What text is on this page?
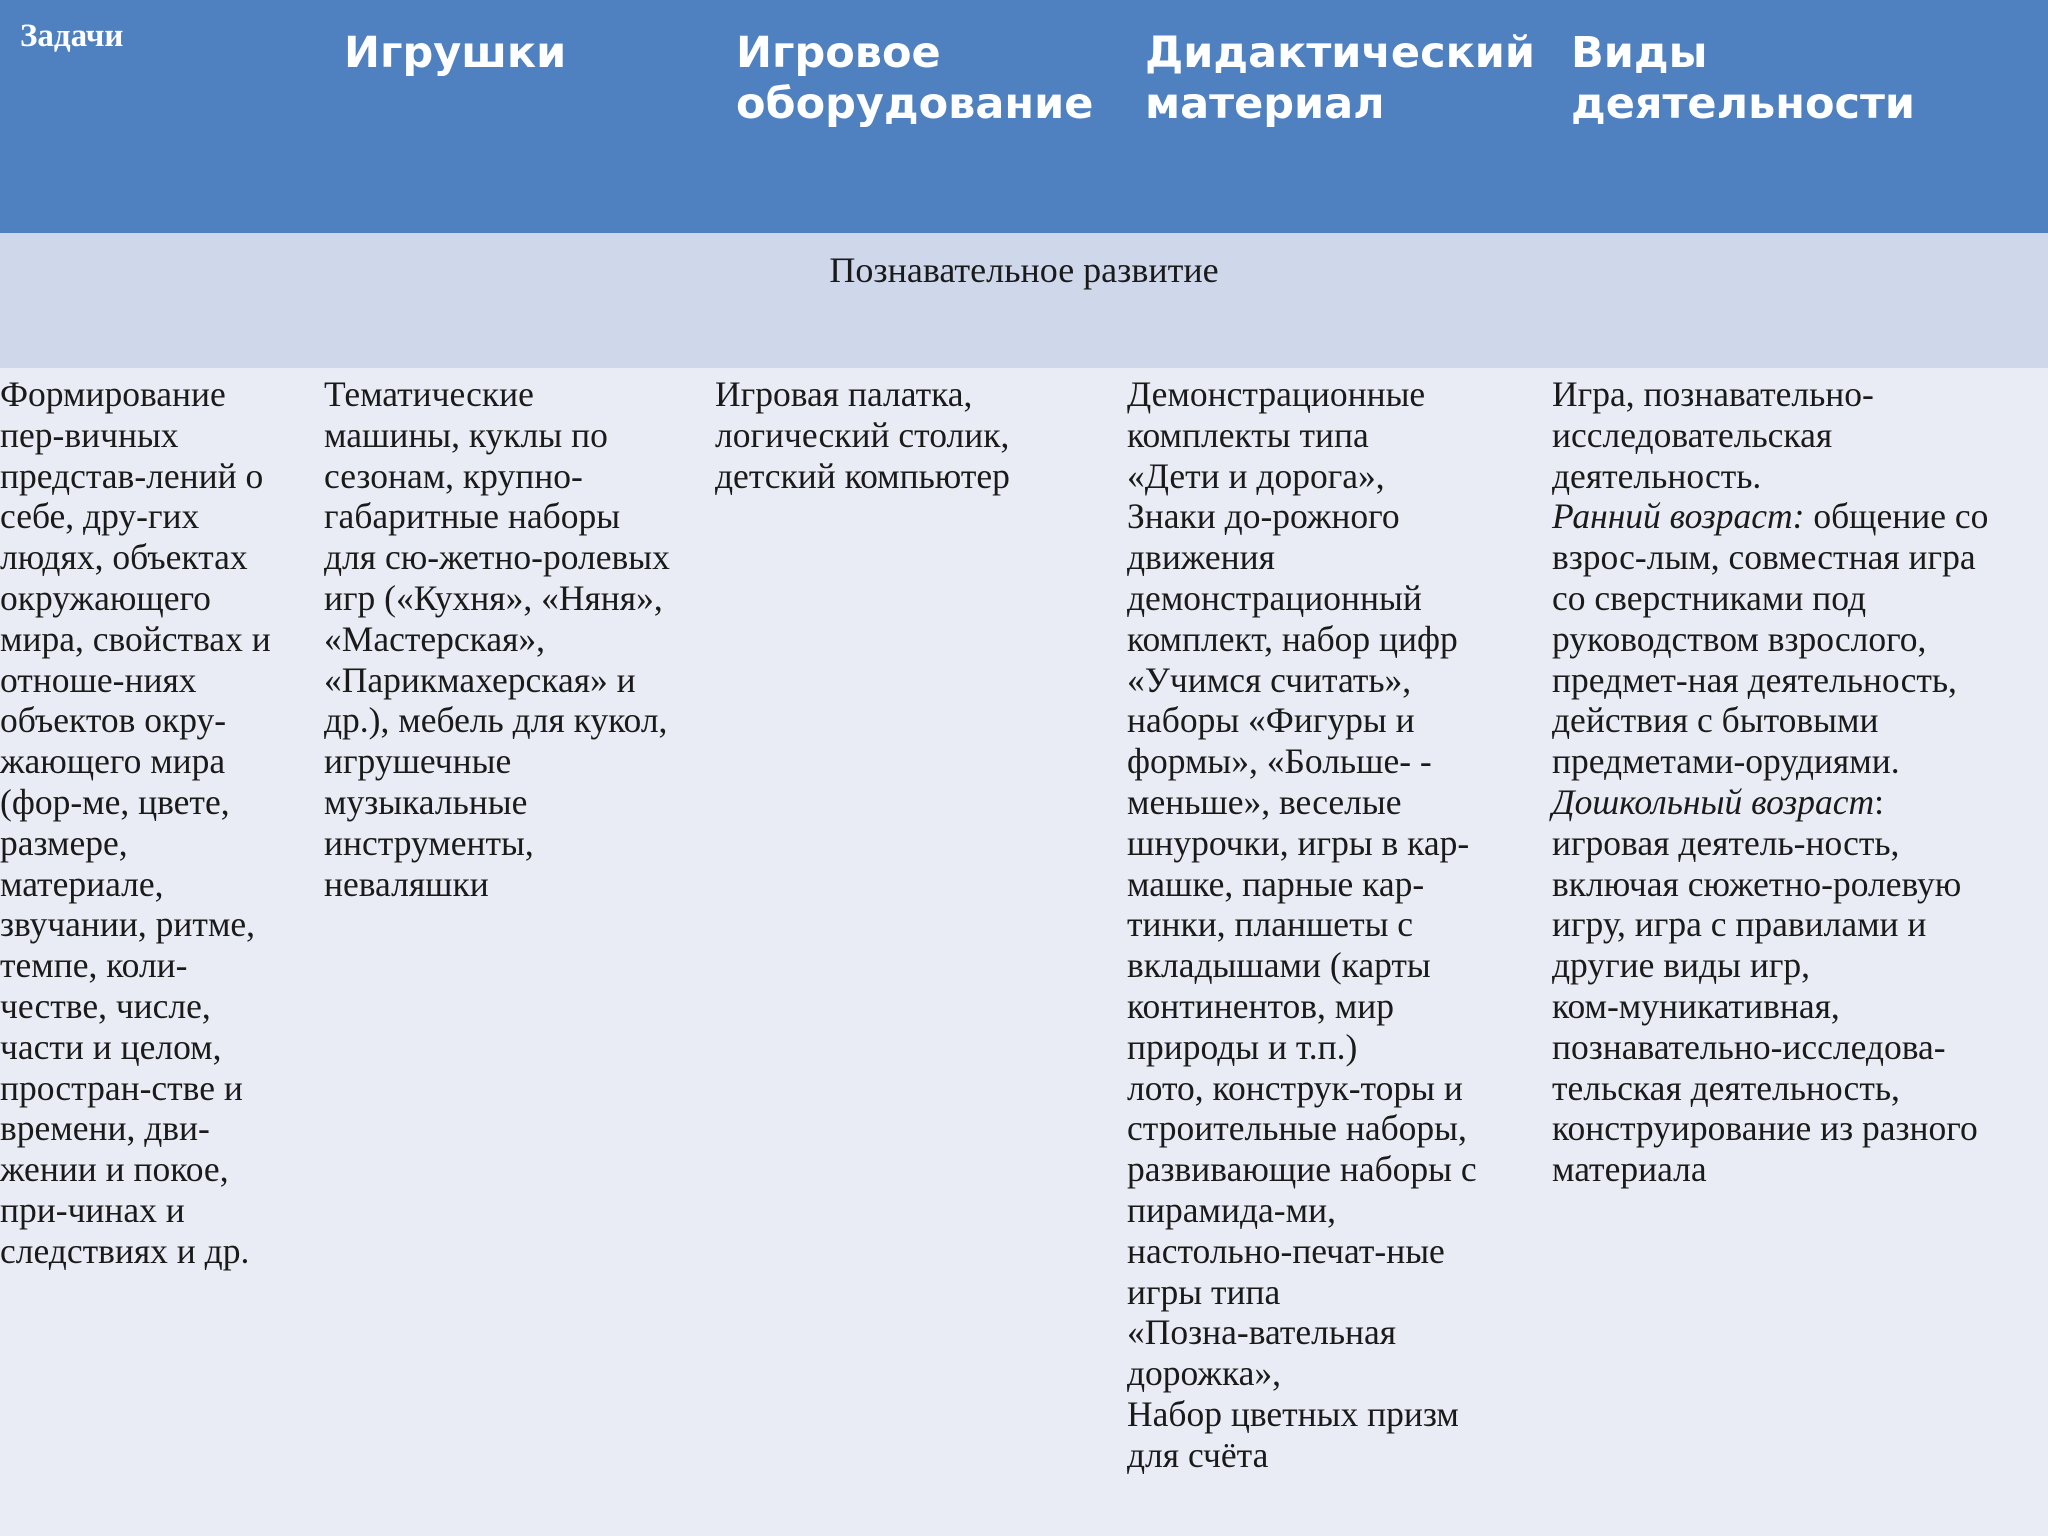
Задачи	Игрушки	Игровое
оборудование
Дидактический
материал
Виды деятельности
Познавательное развитие
Формирование
пер-вичных
представ-лений о
себе, дру-гих
людях, объектах
окружающего
мира, свойствах и
отноше-ниях
объектов окру-
жающего мира
(фор-ме, цвете,
размере,
материале,
звучании, ритме,
темпе, коли-
честве, числе,
части и целом,
простран-стве и
времени, дви-
жении и покое,
при-чинах и
следствиях и др.
Тематические
машины, куклы по
сезонам, крупно-
габаритные наборы
для сю-жетно-ролевых
игр («Кухня», «Няня»,
«Мастерская»,
«Парикмахерская» и
др.), мебель для кукол,
игрушечные
музыкальные
инструменты,
неваляшки
Игровая палатка,
логический столик,
детский компьютер
Демонстрационные
комплекты типа
«Дети и дорога»,
Знаки до-рожного
движения
демонстрационный
комплект, набор цифр
«Учимся считать»,
наборы «Фигуры и
формы», «Больше- -
меньше», веселые
шнурочки, игры в кар-
машке, парные кар-
тинки, планшеты с
вкладышами (карты
континентов, мир
природы и т.п.)
лото, конструк-торы и
строительные наборы,
развивающие наборы с
пирамида-ми,
настольно-печат-ные
игры типа
«Позна-вательная
дорожка»,
Набор цветных призм
для счёта
Игра, познавательно-
исследовательская
деятельность.
Ранний возраст: общение со
взрос-лым, совместная игра
со сверстниками под
руководством взрослого,
предмет-ная деятельность,
действия с бытовыми
предметами-орудиями.
Дошкольный возраст:
игровая деятель-ность,
включая сюжетно-ролевую
игру, игра с правилами и
другие виды игр,
ком-муникативная,
познавательно-исследова-
тельская деятельность,
конструирование из разного
материала
